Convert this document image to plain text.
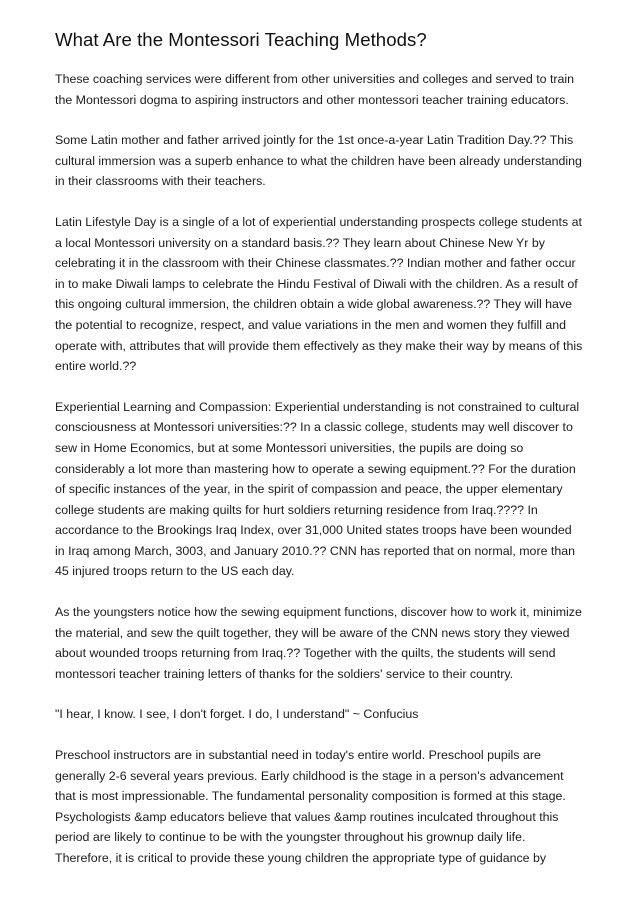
What Are the Montessori Teaching Methods?

These coaching services were different from other universities and colleges and served to train the Montessori dogma to aspiring instructors and other montessori teacher training educators.

Some Latin mother and father arrived jointly for the 1st once-a-year Latin Tradition Day.?? This cultural immersion was a superb enhance to what the children have been already understanding in their classrooms with their teachers.

Latin Lifestyle Day is a single of a lot of experiential understanding prospects college students at a local Montessori university on a standard basis.?? They learn about Chinese New Yr by celebrating it in the classroom with their Chinese classmates.?? Indian mother and father occur in to make Diwali lamps to celebrate the Hindu Festival of Diwali with the children. As a result of this ongoing cultural immersion, the children obtain a wide global awareness.?? They will have the potential to recognize, respect, and value variations in the men and women they fulfill and operate with, attributes that will provide them effectively as they make their way by means of this entire world.??

Experiential Learning and Compassion: Experiential understanding is not constrained to cultural consciousness at Montessori universities:?? In a classic college, students may well discover to sew in Home Economics, but at some Montessori universities, the pupils are doing so considerably a lot more than mastering how to operate a sewing equipment.?? For the duration of specific instances of the year, in the spirit of compassion and peace, the upper elementary college students are making quilts for hurt soldiers returning residence from Iraq.???? In accordance to the Brookings Iraq Index, over 31,000 United states troops have been wounded in Iraq among March, 3003, and January 2010.?? CNN has reported that on normal, more than 45 injured troops return to the US each day.

As the youngsters notice how the sewing equipment functions, discover how to work it, minimize the material, and sew the quilt together, they will be aware of the CNN news story they viewed about wounded troops returning from Iraq.?? Together with the quilts, the students will send montessori teacher training letters of thanks for the soldiers' service to their country.

"I hear, I know. I see, I don't forget. I do, I understand" ~ Confucius

Preschool instructors are in substantial need in today's entire world. Preschool pupils are generally 2-6 several years previous. Early childhood is the stage in a person's advancement that is most impressionable. The fundamental personality composition is formed at this stage. Psychologists &amp educators believe that values &amp routines inculcated throughout this period are likely to continue to be with the youngster throughout his grownup daily life. Therefore, it is critical to provide these young children the appropriate type of guidance by
